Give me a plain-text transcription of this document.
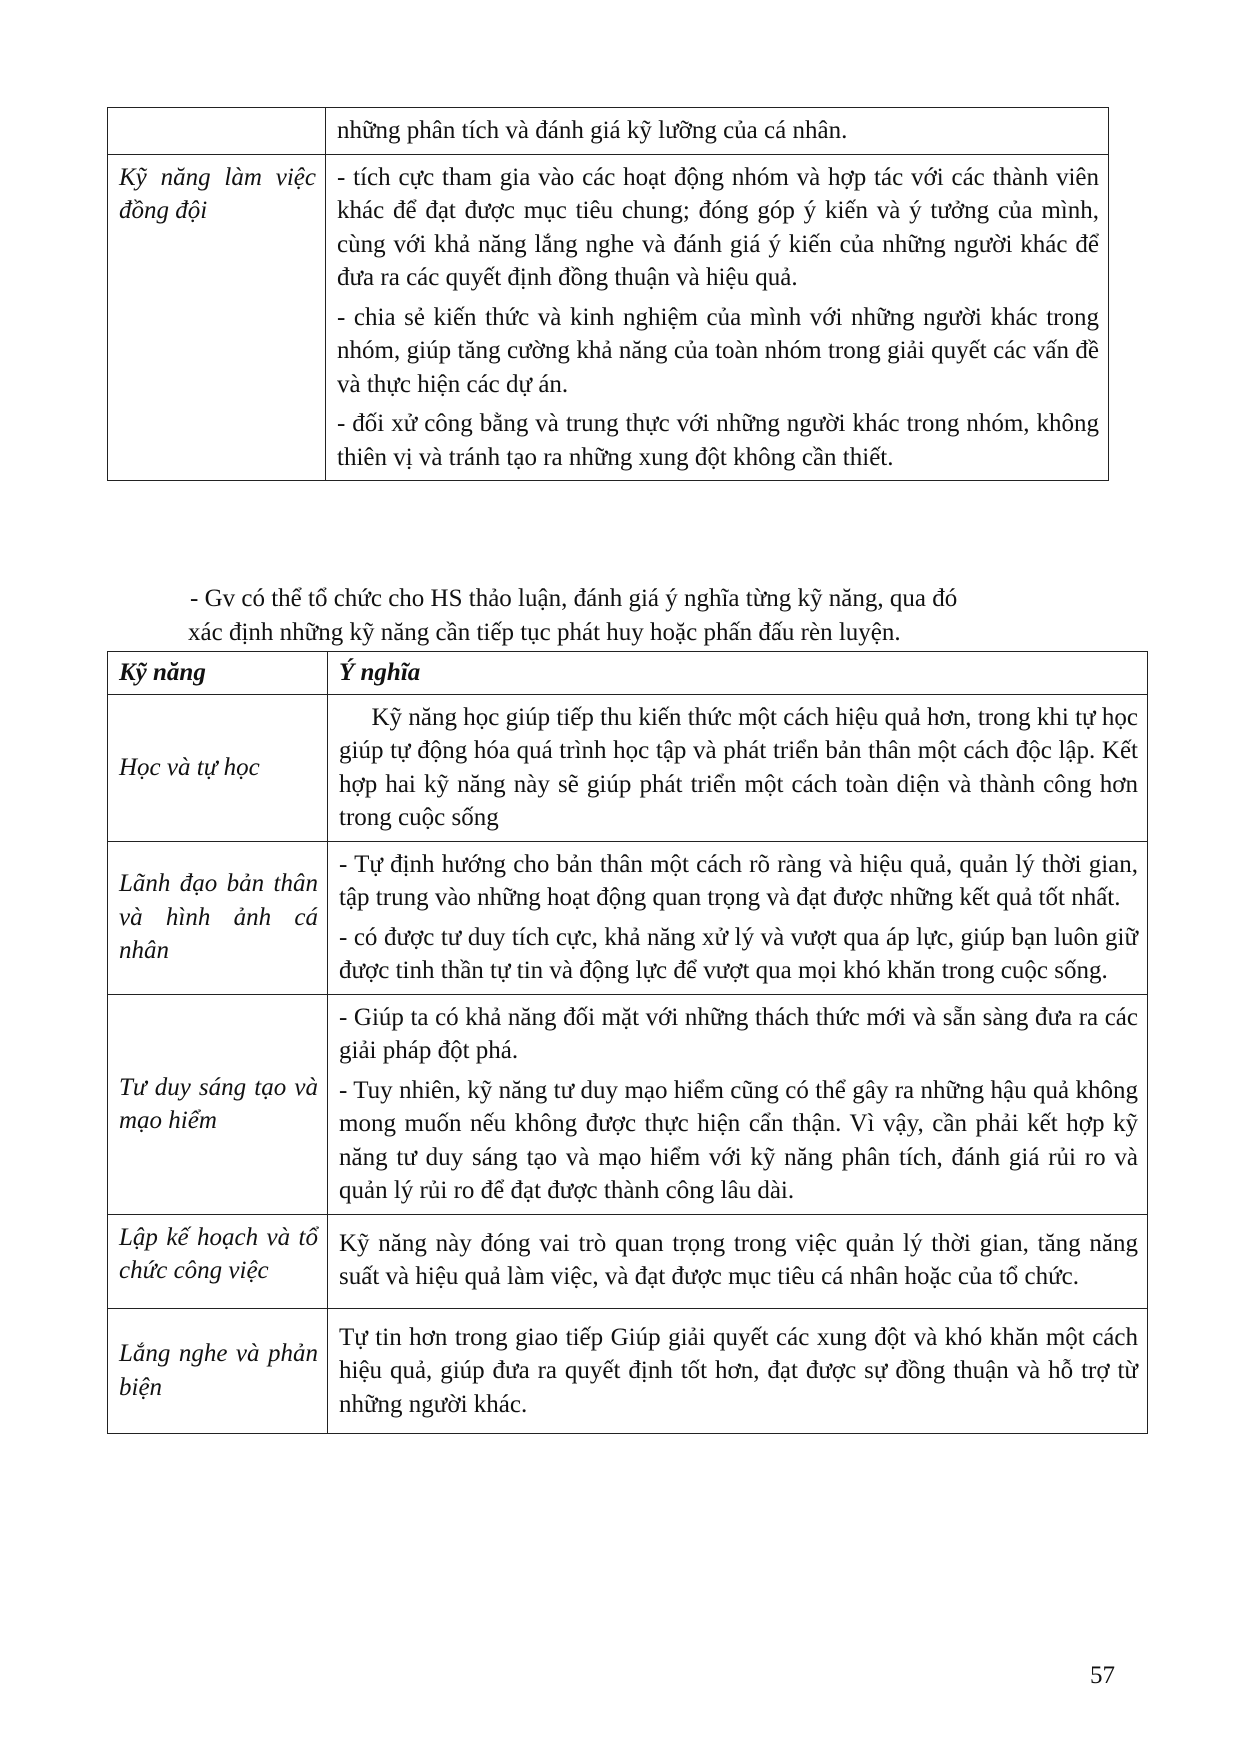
	những phân tích và đánh giá kỹ lưỡng của cá nhân.

Kỹ năng làm việc đồng đội	- tích cực tham gia vào các hoạt động nhóm và hợp tác với các thành viên khác để đạt được mục tiêu chung; đóng góp ý kiến và ý tưởng của mình, cùng với khả năng lắng nghe và đánh giá ý kiến của những người khác để đưa ra các quyết định đồng thuận và hiệu quả.

- chia sẻ kiến thức và kinh nghiệm của mình với những người khác trong nhóm, giúp tăng cường khả năng của toàn nhóm trong giải quyết các vấn đề và thực hiện các dự án.

- đối xử công bằng và trung thực với những người khác trong nhóm, không thiên vị và tránh tạo ra những xung đột không cần thiết.

- Gv có thể tổ chức cho HS thảo luận, đánh giá ý nghĩa từng kỹ năng, qua đó
xác định những kỹ năng cần tiếp tục phát huy hoặc phấn đấu rèn luyện.
Kỹ năng	Ý nghĩa
Học và tự học	Kỹ năng học giúp tiếp thu kiến thức một cách hiệu quả hơn, trong khi tự học giúp tự động hóa quá trình học tập và phát triển bản thân một cách độc lập. Kết hợp hai kỹ năng này sẽ giúp phát triển một cách toàn diện và thành công hơn trong cuộc sống

Lãnh đạo bản thân và hình ảnh cá nhân	- Tự định hướng cho bản thân một cách rõ ràng và hiệu quả, quản lý thời gian, tập trung vào những hoạt động quan trọng và đạt được những kết quả tốt nhất.

- có được tư duy tích cực, khả năng xử lý và vượt qua áp lực, giúp bạn luôn giữ được tinh thần tự tin và động lực để vượt qua mọi khó khăn trong cuộc sống.

Tư duy sáng tạo và mạo hiểm	- Giúp ta có khả năng đối mặt với những thách thức mới và sẵn sàng đưa ra các giải pháp đột phá.

- Tuy nhiên, kỹ năng tư duy mạo hiểm cũng có thể gây ra những hậu quả không mong muốn nếu không được thực hiện cẩn thận. Vì vậy, cần phải kết hợp kỹ năng tư duy sáng tạo và mạo hiểm với kỹ năng phân tích, đánh giá rủi ro và quản lý rủi ro để đạt được thành công lâu dài.

Lập kế hoạch và tổ chức công việc	Kỹ năng này đóng vai trò quan trọng trong việc quản lý thời gian, tăng năng suất và hiệu quả làm việc, và đạt được mục tiêu cá nhân hoặc của tổ chức.

Lắng nghe và phản biện	Tự tin hơn trong giao tiếp Giúp giải quyết các xung đột và khó khăn một cách hiệu quả, giúp đưa ra quyết định tốt hơn, đạt được sự đồng thuận và hỗ trợ từ những người khác.

57
